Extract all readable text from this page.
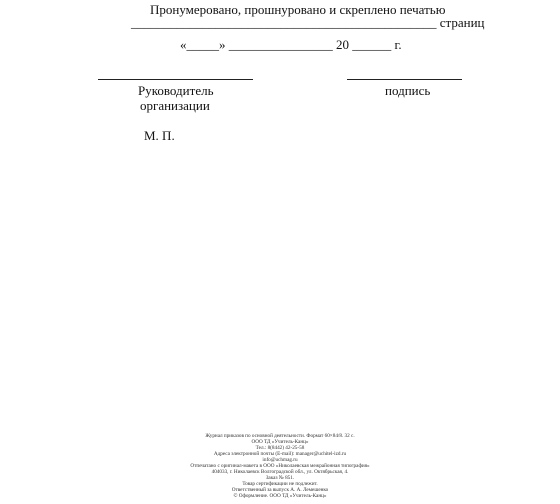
Пронумеровано, прошнуровано и скреплено печатью
_______________________________________________ страниц
«_____» ________________ 20 ______ г.
Руководитель
организации
подпись
М. П.
Журнал приказов по основной деятельности. Формат 60×84/8. 32 с.
ООО ТД «Учитель-Канц»
Тел.: 8(8442) 42-25-58
Адреса электронной почты (E-mail): manager@uchitel-izd.ru
info@uchmag.ru
Отпечатано с оригинал-макета в ООО «Николаевская межрайонная типография»
404033, г. Николаевск Волгоградской обл., ул. Октябрьская, 4.
Заказ № 851.
Товар сертификации не подлежит.
Ответственный за выпуск А. А. Лемешенко
© Оформление. ООО ТД «Учитель-Канц»
